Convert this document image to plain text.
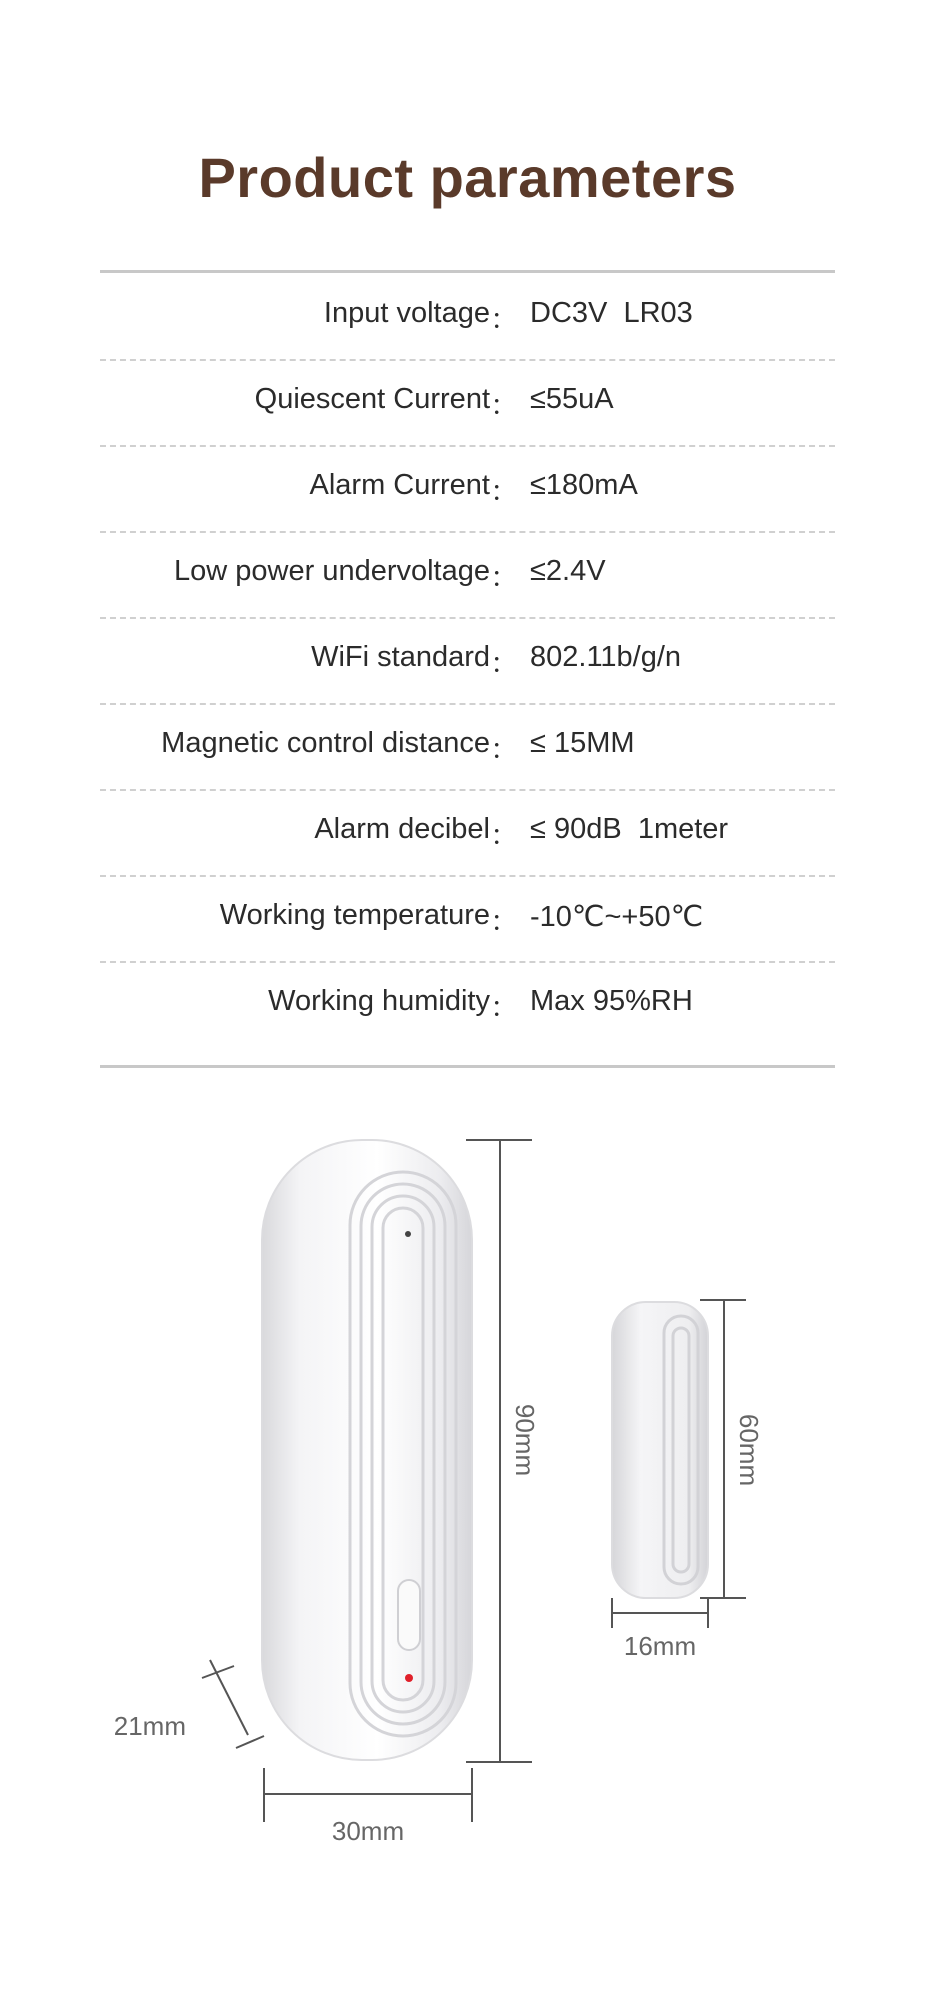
Product parameters
Input voltage ： DC3V  LR03
Quiescent Current ： ≤55uA
Alarm Current ： ≤180mA
Low power undervoltage ： ≤2.4V
WiFi standard ： 802.11b/g/n
Magnetic control distance ： ≤ 15MM
Alarm decibel ： ≤ 90dB  1meter
Working temperature ： -10℃~+50℃
Working humidity ： Max 95%RH
90mm
30mm
21mm
60mm
16mm
